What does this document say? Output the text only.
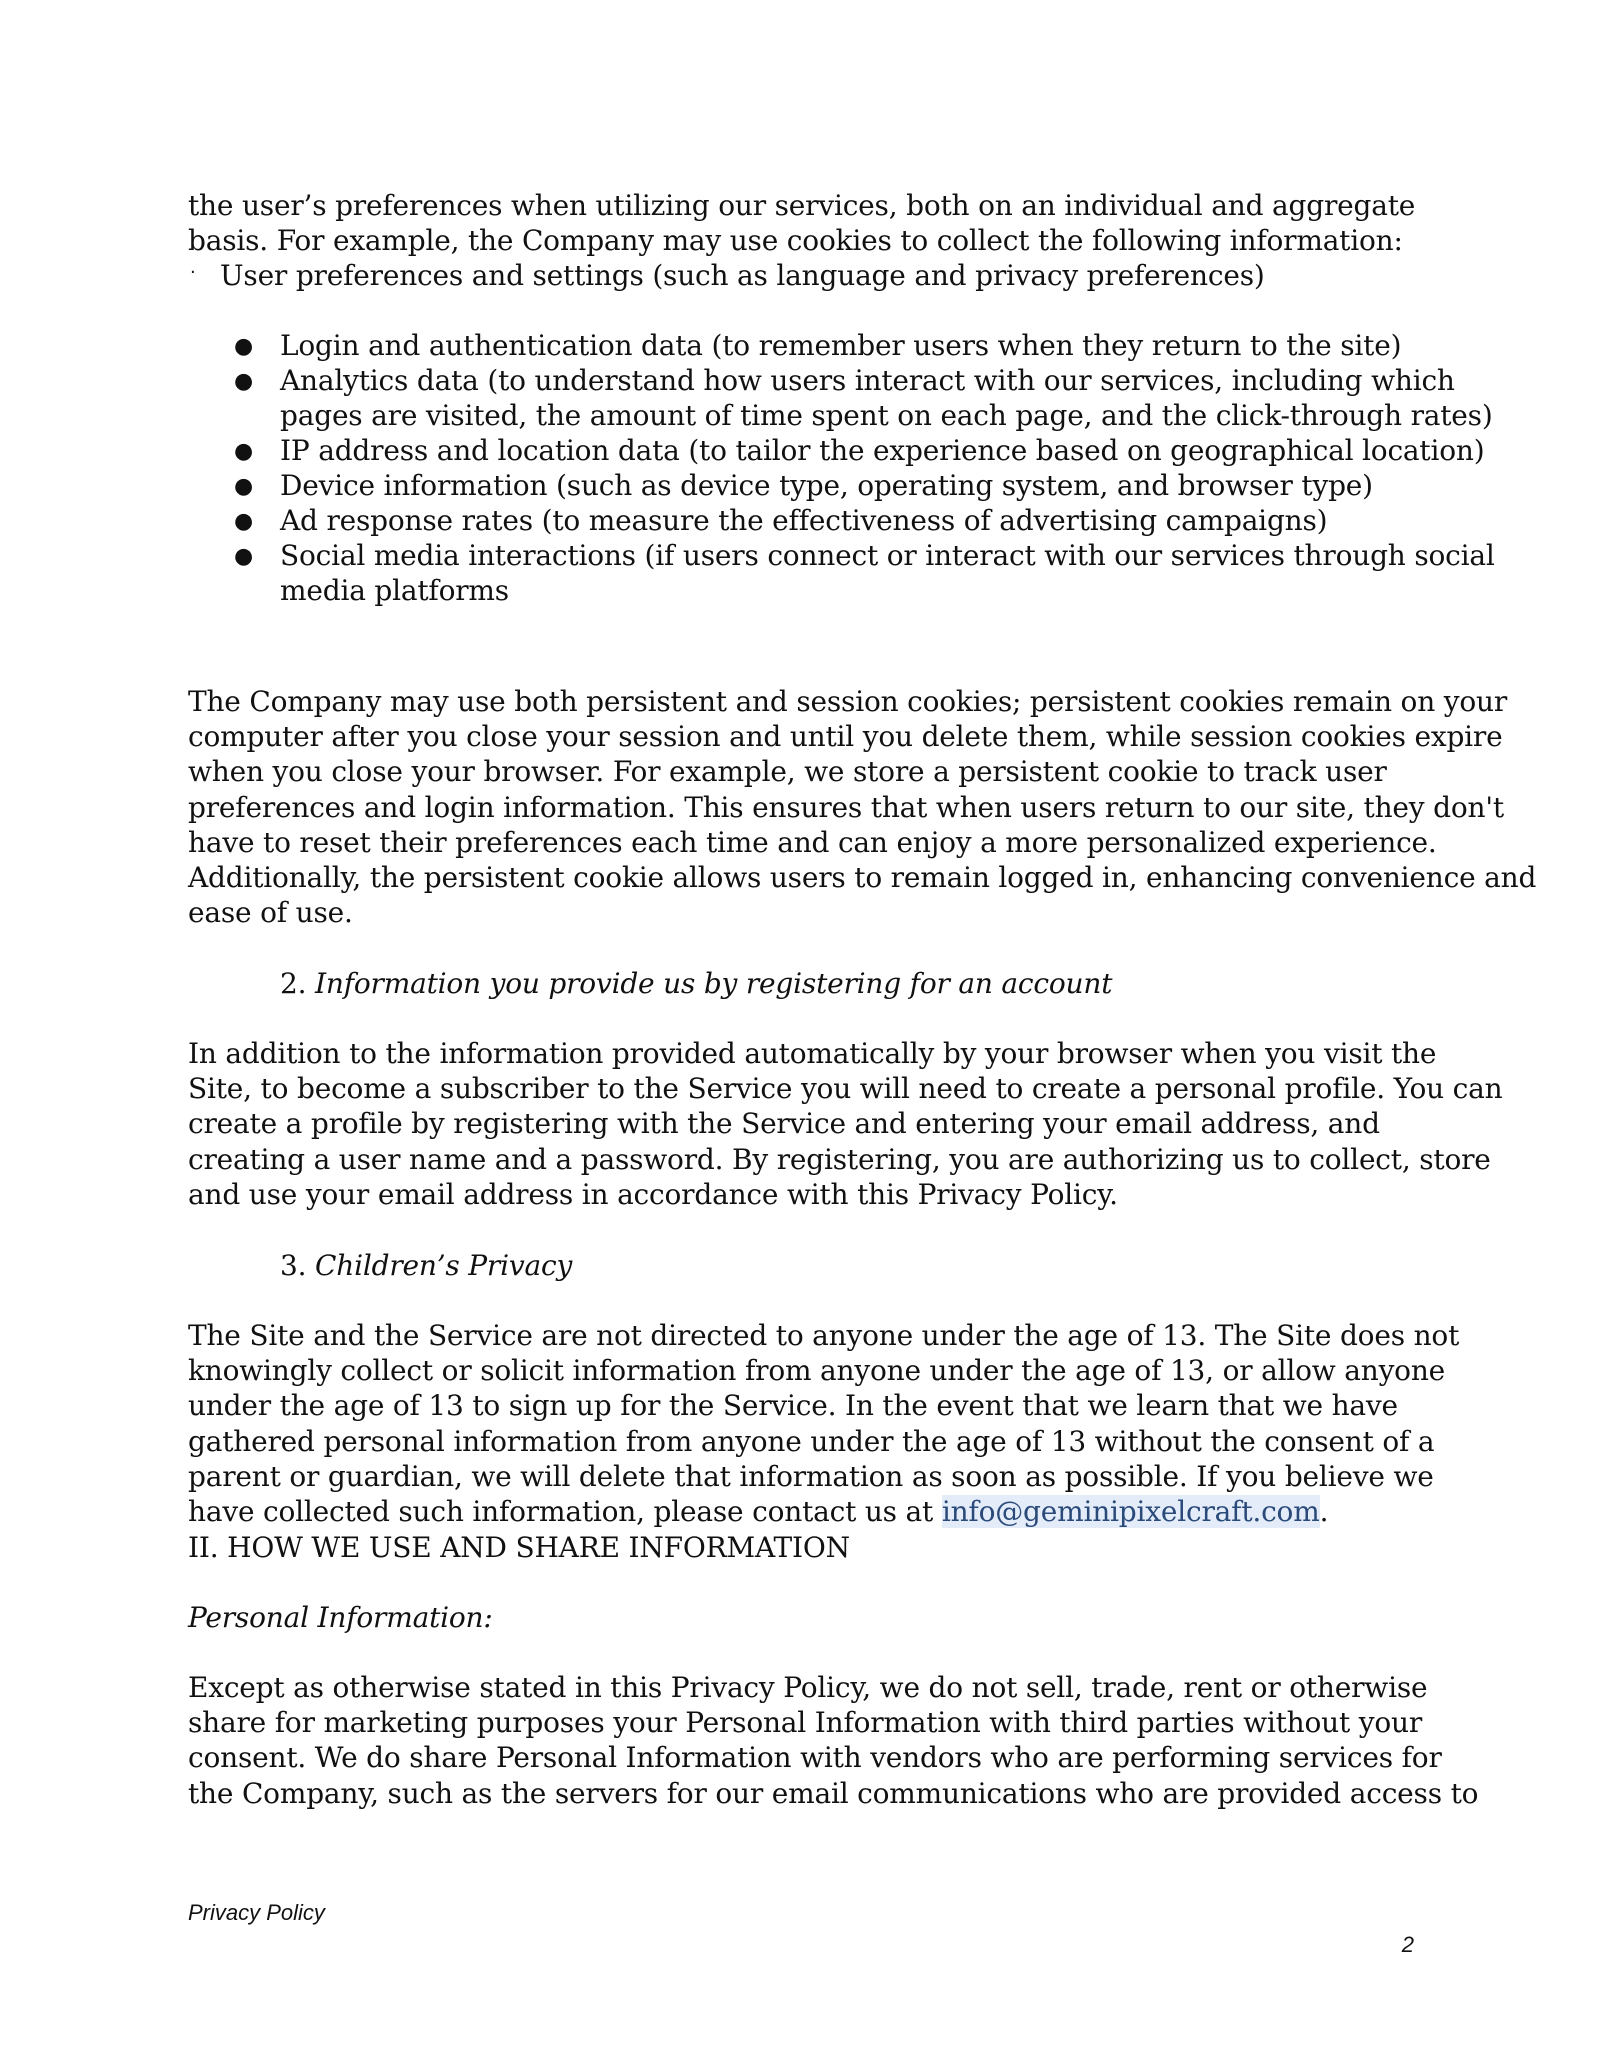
the user’s preferences when utilizing our services, both on an individual and aggregate
basis. For example, the Company may use cookies to collect the following information:
· User preferences and settings (such as language and privacy preferences)
● Login and authentication data (to remember users when they return to the site)
● Analytics data (to understand how users interact with our services, including which
pages are visited, the amount of time spent on each page, and the click-through rates)
● IP address and location data (to tailor the experience based on geographical location)
● Device information (such as device type, operating system, and browser type)
● Ad response rates (to measure the effectiveness of advertising campaigns)
● Social media interactions (if users connect or interact with our services through social
media platforms
The Company may use both persistent and session cookies; persistent cookies remain on your
computer after you close your session and until you delete them, while session cookies expire
when you close your browser. For example, we store a persistent cookie to track user
preferences and login information. This ensures that when users return to our site, they don't
have to reset their preferences each time and can enjoy a more personalized experience.
Additionally, the persistent cookie allows users to remain logged in, enhancing convenience and
ease of use.
2. Information you provide us by registering for an account
In addition to the information provided automatically by your browser when you visit the
Site, to become a subscriber to the Service you will need to create a personal profile. You can
create a profile by registering with the Service and entering your email address, and
creating a user name and a password. By registering, you are authorizing us to collect, store
and use your email address in accordance with this Privacy Policy.
3. Children’s Privacy
The Site and the Service are not directed to anyone under the age of 13. The Site does not
knowingly collect or solicit information from anyone under the age of 13, or allow anyone
under the age of 13 to sign up for the Service. In the event that we learn that we have
gathered personal information from anyone under the age of 13 without the consent of a
parent or guardian, we will delete that information as soon as possible. If you believe we
have collected such information, please contact us at info@geminipixelcraft.com.
II. HOW WE USE AND SHARE INFORMATION
Personal Information:
Except as otherwise stated in this Privacy Policy, we do not sell, trade, rent or otherwise
share for marketing purposes your Personal Information with third parties without your
consent. We do share Personal Information with vendors who are performing services for
the Company, such as the servers for our email communications who are provided access to
Privacy Policy
2
